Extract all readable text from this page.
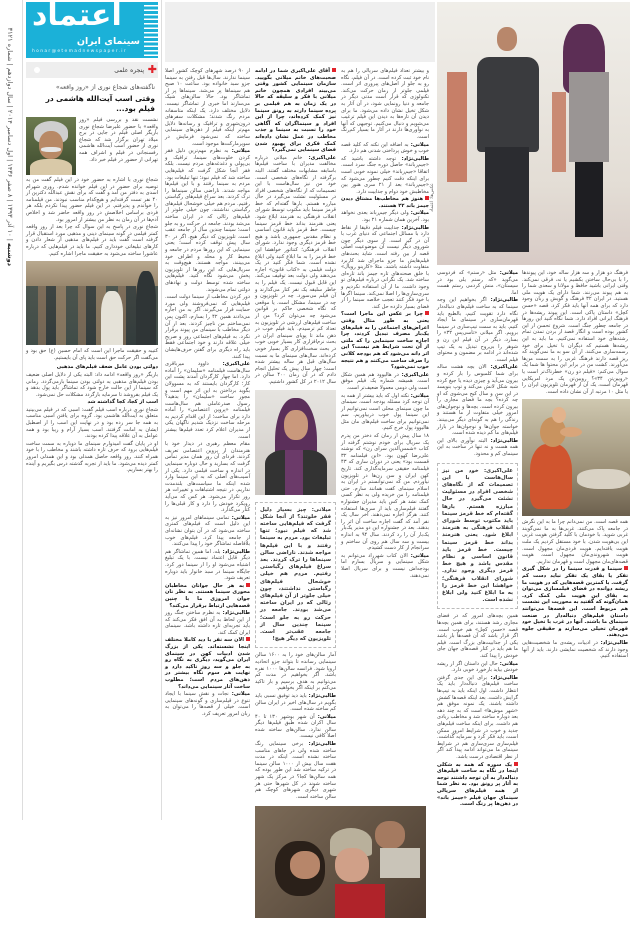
دوشنبه | ۱۰ آذر ۱۳۹۳ | ۸ صفر ۱۴۳۶ | اول دسامبر ۲۰۱۴ | سال دوازدهم | شماره ۳۱۲۱
اعتماد
سینمای ایران
honar@etemadnewspaper.ir
✚
پنجره علمی
ناگفته‌های شجاع نوری از «روز واقعه»
وقتی اسب آیت‌الله هاشمی در فیلم بود...

نشست نقد و بررسی فیلم «روز واقعه» با حضور علیرضا شجاع نوری بازیگر اصلی فیلم در جایی در برج میلاد تهران برگزار شد که شجاع نوری از حضور اسب آیت‌الله هاشمی رفسنجانی در فیلم و اشراف همه تهرانی از حضور در فیلم خبر داد.

شجاع نوری با اشاره به حضور خود در این فیلم گفت من به توصیه برای حضور در این فیلم خوانده شدم. روزی شهرام اسدی به دفتر من آمد و گفت که برای نقش عبدالله دکترین از ۴۰ نفر تست گرفته‌ایم و هیچ‌کدام مناسب نبودند. من فیلمنامه را خواندم و پذیرفتم. در این فیلم حضور پیدا نکردم بلکه هر فردی براساس اخلاصش در روز واقعه حاضر شد و اخلاص آدم‌ها در آن زمان به نظر من بیشتر از امروز بود.

شجاع نوری در پاسخ به این سوال که چرا بعد از روز واقعه کمتر فیلمی در گونه سینمای دینی و مذهبی مورد استقبال قرار گرفته است گفت باید در فیلم‌های مذهبی از شعار دادن و کارهای تبلیغاتی خودداری کنیم. ما باید در فیلم‌هایی که درباره عاشورا ساخته می‌شود به حقیقت ماجرا اشاره کنیم.

کتیبه و حقیقت ماجرا این است که امام حسین (ع) حق بود و می‌گفت اگر حرکت حق است باید پای آن بایستیم.

دولتی بودن عامل ضعف فیلم‌های مذهبی

بازیگر «روز واقعه» ادامه داد: البته یکی از دلایل اصلی ضعیف بودن فیلم‌های مذهبی به دولتی بودن سینما بازمی‌گردد. زمانی که سینما از این حالت خارج شود که تماشاگر باید پول بدهد و یک فیلم بفروشد تا سرمایه بازگردد مشکلات حل نمی‌شود.

اسب از کجا، کجا گذاشته شد

شجاع نوری درباره اسب فیلم گفت: اسبی که در فیلم می‌بینید متعلق به آیت‌الله هاشمی بود. گروه برای یافتن اسبی مناسب به همه جا سر زده بود و در نهایت این اسب را از اصطبل ایشان به امانت گرفتند. اسب بسیار آرام و زیبا بود و همه عوامل به آن علاقه پیدا کرده بودند.

او در پایان گفت امیدوارم سینمای ما دوباره به سمت ساخت فیلم‌هایی برود که حرف تازه داشته باشند و مخاطب را با خود همراه کنند. روز واقعه حاصل همدلی بود و این همدلی امروز کمتر دیده می‌شود. ما باید از تجربه گذشته درس بگیریم و آینده را بهتر بسازیم.

عکس‌ها: اعتماد

از ۹۰ درصد شهرهای کوچک کشور اصلا سینما ندارند. سال‌ها قبل رفتن به سینما جزو سبد خانواده بود. ساعت ۱۰ صبح هم سینماها پر می‌شد. سینماها پر از تماشاگر بود. حالا سالن‌های شیک می‌سازند اما خبری از تماشاگر نیست. دلایل مختلف دارد. یک اینکه متاسفانه مردم رنگ شدند؛ مشکلات سفرهای درون‌شهری و ترافیک و رسانه‌ها دلایل مهم‌تر اینکه فیلم از ذهن‌های سینمایی ساخته که نمی‌شود فرمایش در سوپرمارکت‌ها موجود است.

میلانی: به نظرم مهم‌ترین دلیل فقر کردن خلوت‌های سینما، ترافیک و بی‌پولی و دغدغه‌های مردم نیست. بلکه فقر آنجا شکل گرفت که فیلم‌هایی ساخته شد که فیلم نبود؛ تنها تبلیغات بود. مردم به سینما رفتند و با این فیلم‌ها مواجه شدند. ناراضی سالن سینماها را ترک کردند. بعد سراغ فیلم‌های رگباستی رفتیم. مردم هم خیلی خوشحال فیلم‌های رگباستی نداشتند، چون خیلی جلوتر از فیلم‌های رئالی که در ایران ساخته می‌شد بودند. جامعه در حرکت رو به جلو است؛ سینما چندین سال از جامعه عقب است. تلویزیون که دیگر هیچ. اگر در ۳۰ سال پیش توقف کرده است؛ یعنی سینمایی که این روزها مردم در جامعه و محیط کار و محله و اطراف خود می‌بینند، مواجه هستند. هیچ‌وقت به سریال‌هایی که این روزها از تلویزیون پخش می‌شود نگاه کنید. فیلم‌هایی ساخته شده توسط دولت و نهادهای دولتی تمام می‌شوند.

دور کردن مخاطب از سینما دولت است. فیلم‌هایی که نمی‌فروشند ولی مورد حمایت قرار می‌گیرند. اگر به من اجازه می‌دادند همین ۴۲ را بسازم، اکنون پس نمی‌ساختم من ناچیز کردند. بعد از آن دیگر مخاطب با سینمای من پیوند برقرار نکرد. به فیلم‌های اجتماعی روز و صریح خیلی علاقه دارند و خود اجتماعی فقط باید راه دیگری برای گفتن حرف‌هایشان پیدا کنند.

علی‌اکبری: داوود میرباقری سال‌هاست فیلمنامه «سلیمان» را آماده دارد. اما چهار کارگردان آمدند پشت این کار؛ کارگردان بایستند که به مسوولان بگوید برداختن به این اثر مهم است و مجوز ساخت «سلیمان» را بدهید؟ رسول صدرعاملی هم سال‌هاست فیلمنامه «پروین اعتصامی» را آماده دارد برای ساخت؛ از این اقدام کردیم به مرحله ساخت نزدیک شدیم ناگهان یکی از مدیران اعلام کرد تعدد فیلم‌ها بیشتر است.

مقام معظم رهبری در دیدار خود با هنرمندان از پروین اعتصامی تعریف کردند. فردای آن روز همان مدیر تماس گرفت که بسازید و حال دوباره سینمایی در اندازه و ساخت فیلمی دارد. یکی از آسیب‌های اصلی که به این سینما وارد شده اینکه ما سیاست‌های بلندمدت نداریم. در نتیجه اشتباهات و تغییرات هر روز تکرار می‌شود. هر کس که می‌آید رویکرد خودش را دارد و کار قبلی‌ها را کنار می‌گذارد.

میلانی: تمامی سینماهای امروز نیز به این دلیل است که فیلم‌های کمتری ساخته می‌شود که در آن بتوان نشانه‌ای از جامعه پیدا کرد. فیلم‌های خوب بلافاصله تماشاگر خود را پیدا می‌کنند.

طالبی‌نژاد: بله، اما همین تماشاگر هم دیگر قابل اعتماد نیست. با یک تبلیغ اشتباه می‌شود او را از سینما دور کرد. جایگاه سینما در سبد خانوار باید دوباره تعریف شود.

به هر حال جوانان مخاطبان محوری سینما هستند. به نظر تان جوان امروزی ما با چنین قصه‌هایی ارتباط برقرار می‌کند؟

طالبی‌نژاد: به نظرم ساختن جنگ روز از این لحاظ به آن افق فکر می‌کند که باید تجربه‌ای تازه داشته باشد. سینمای ایران کمک کند.

الان سه نفر با دید کاملا مختلف اینجا نشسته‌اند. یکی از بزرگ شدن ادبیات کهن در سینمای ایران می‌گوید، دیگری به نگاه رو به جلو و سه روز تاکید دارد و نهایت هم سوم نگاه بیشتر در ذهن‌های مردم است؛ مطلوب ساخت آثار سینمایی می‌داند؟

میلانی: نجات و نقش سینما با ایجاد تنوع در قیلم‌سازی و گونه‌های سینمایی است. خیلی از قصه‌ها را می‌توان به زبان امروز تعریف کرد.

و بیشتر تعداد فیلم‌های سریالی را هم به نام خود ثبت کرده است. در آن فیلم، نگاه رو به جلو از اصل‌های پیروزی اثر است. فیلمی جلوتر از زمان حرکت می‌کند. تکنولوژی که قرار است مدتی دیگر در جامعه و دنیا رونمایی شود، در آن آثار به شکل تخیل نشان داده می‌شود. ما برای دیدن آن تازه‌ها به دیدن این فیلم ترغیب می‌شویم و دنبال می‌کنیم. توجیهی که آنها به نوآوری‌ها دارند در آثار ما بسیار کم‌رنگ است.

میلانی: به اضافه این نکته که کلید قصه خوب و خوش پرداختی شدنی هم دارد.

طالبی‌نژاد: توجه داشته باشید که «جیم‌زباند» حاصل دوره جنگ سرد است. اتفاقا «جیم‌زباند» خیلی نمونه خوبی است برای اینکه دقت کنیم چطور می‌شود که «جیم‌زباند» بعد از ۲۱ سری هنوز بین مخاطبش خود دوام و جذابیت دارد.

هنوز هم مخاطب‌ها مشتاق دیدن جیمز باند ۲۲ هستند.

میلانی: ولی دیگر جیم‌زباند بعدی نخواهد بود. آخرین همان شماره ۲۱ بود.

طالبی‌نژاد: جذابیت فیلم دقیقا از نقاط دارد با مسائل اجتماعی که دنیای غرب با آن در گیر است. از سوی دیگر چون شوروی دیگر نیست آن موضوعیت اصلی قصه از بین رفته است. شاید بحث‌های فیلم‌هایش ما جزو ماجرای شد کاربرد متفاوت داشته باشند. مثلا «کازینو رویال» با خلق صحنه‌های تازه جیمز باند تازه‌ای ساخته شد. یک نگرانی درباره فیلم‌های تو وجود داشت. ما از آن استفاده نکردیم و سری‌سازی‌ها را اصلا نمی‌کند. سینما اگرها با خود فکر کنند تعجب خلاصه سینما را از فضای بسیار دلزده حل کند.

چرا بر عکس این ماجرا است؟ یعنی به طور مثال وقتی اعراض‌های اجتماعی را به فیلم‌های یک‌بار مصرف تبدیل کردند، چرا اجازه ساخت سینمایی را که ملتی از آن تحت شرایط هم نیست؟ این اثر دانه می‌شود که هم بودجه کلانی را صرف ساخت می‌کنند و هم نتیجه خوب نمی‌شود؟

علی‌اکبری: در هالیوود هم همین شکل است. همیشه شماره یک فیلم موفق است ولی دومی معمولا ضعیف‌تر است.

میلانی: نکته اول که باید بیشتر از همه به آن توجه کرد مسئله بودجه است. سینمای ما چون سینمای محلی است نمی‌توانیم از این سینما پول خوب دربیاوریم. سم نمی‌توانیم برای ساخت فیلم‌های مان مثل هالیوود پول خرج کنیم.

۱۸ سال پیش از زمان که دختر من پدرم یک سریال برای خودم نوشتم گرفته از کتاب «شمس‌الدین سرای زن» که نوشته علی‌رضا کهون بود. «ابن فیلمنامه ۳۲ قسمت بود» یعنی در دوران سازی که ۴۳ فیلمنامه حقیقی سرمایه‌گذاری کند. تاریخ کهن ایران و سن زن‌ها در تلویزیون نیاوردم. من که نمی‌توانستم در ایران به اسلام سینمای کفت همانند سازم. حتی فیلمنامه را من خریده ولی به نظر کسی کمک نشد هر کس باید مدیران جشنواره گفتند فیلم‌سازی باید از سری‌ها استفاده کنند. هرگز اجازه نمی‌دهند. آخر سال یک نفر آمد که گفت اجازه ساخت آن اثر را بدهند. بعد در جشنواره این دو مدیر یک‌بار یک‌بار آن را رد کردند. سال ۹۴ به اندازه بیست و سه سال هم روی آن ساختم و سرانجام از کار دست کشیدم.

میلانی: الان کتاب شهرزاد می‌توانم به شکل سینمایی و سریال بسازم اما بودجه‌اش نیست و برای سریال اصلا نمی‌دهند.

آقای علی‌اکبری شما در ادامه صحبت‌های خانم میلانی بگویید. سازمان سینمایی کشور وقتی می‌بیند افرادی همچون خانم میلانی با فکر و سلیقه که حالا در یک زمان به هم فیلمی بر پرده سینما دارند به رونق سینما نیز کمک کرده‌اند، چرا از این افراد و سینماگران که آگاهی خود را نسبت به سینما و جذب مخاطب در عمل نشان داده‌اند کمک فکری برای بهبود شدن فضای سینمایی نمی‌گیرد؟

علی‌اکبری: خانم میلانی درباره مخالفت مدیران با ساخت فیلم‌ها باسابقه مشابهات مختلف گفتند. البته برگرفته از نگاه‌های شخصی است. خود من نیز سال‌هاست با این تصمیمات که از نگاه‌های شخصی افراد در مسئولیت نشئت می‌گیرد در حال مبارزه هستم. بارها گفته‌ام که خط قرمز سینما باید مکتوب توسط شورای انقلاب فرهنگی به هنرمند ابلاغ شود. یعنی هنرمند بداند خط قرمز سینما چیست. خط قرمز باید قانون اساسی و نظام مقدس جمهوری باشد و هیچ خط قرمز دیگری وجود ندارد. شورای انقلاب فرهنگی؛ کنتاتور خواهشا این خط قرمز را به ما ابلاغ کنید ولی ابلاغ نشده است. شما فکر کنید در یک دولت فیلمی به «کتاب قانون» اجازه می‌دهند ولی دولت بعد توقیف می‌کند. این قابل قبول نیست. یک فیلم را به خاطر سلیقه یک نفر کنار می‌گذارند و آن فیلم می‌سوزد. چه در تلویزیون و چه در سینما، مشکل است. یا موقعی که نگاه شخصی حاکم بر قوانین می‌شود چه می‌توان کرد؟ من از ساخت فیلم‌های ارزشی در تلویزیون به تعداد کم ترسیدم. باید فیلم خوب در ذهن ماند تا پویای سینمای ایران در بحث نرم‌افزاری کار بسیار خوبی خوب در بحث سخت‌افزاری کار بسیار خوبی کرده‌اند. سال‌های سینمای ما به نسبت سال‌های قبل هر ساله بیشتر شده است؛ چهار سال پیش یک تحلیل انجام دادم که در آن زمان ۴۰۰ سالن در سال ۲۰۱۲ در کل کشور داشتیم.

میلانی: چیز بسیار دلیل فقر خلوتند؟ از آنجا شکل گرفت که فیلم‌هایی ساخته شد که فیلم نبود؛ تنها تبلیغات بود. مردم به سینما رفتند و با این فیلم‌ها مواجه شدند. ناراضی سالن سینماها را ترک کردند. بعد سراغ فیلم‌های رگباستی رفتیم. مردم هم خیلی خوشحال فیلم‌های رگباستی نداشتند، چون خیلی جلوتر از آن فیلم‌های رئالی که در ایران ساخته می‌شد بودند. جامعه در حرکت رو به جلو است؛ سینما چندین سال از جامعه عقب‌تر است. تلویزیون که دیگر هیچ!

آمار سالن‌های خود را به ۱۶۰۰ سالن سینمایی رسانده تا بتواند جزو اتحادیه اروپا شود. فرانسه سالن‌ها ۱۰۰۰ نفره باشد. اگر بخواهیم در مدت کم می‌توانیم به هدف برسیم و باز تاکید می‌کنم بر اینکه اگر بخواهیم.

طالبی‌نژاد: باید دید توفیق نسبی باید بگویم در سال‌های اخیر در ایران سالن کم ساخته شده است.

میلانی: آن شهر بوشهر ۱۳۰ تا ۴۰ سال اکران شده طبق فیلم‌ها دیگر سالن ندارد. سالن‌های ساخته شده اصلا کافی نیست.

طالبی‌نژاد: برخی سینمایی رنگ ساخته شده ولی در جاهای مناسب ساخته نشده است. اینکه در مدت هفت سال بیش از ۱۰۰۰ سالن سینما در ترکیه ساخته شد این طور بوده که همه سالن‌ها کجا؟ در مرکز یک شهر ساخته شوند در کل شهرها حتی هر شهری دیگری شهرهای کوچک هم سالن ساخته است.

میلانی: مثل «رستم» که فردوسی می‌گوید «که رستم یلی بود در سیستان»، منش کردمی رستم هست اما.

طالبی‌نژاد: اگر بخواهیم این وجه سینما که به ساخت فیلم‌های دنباله‌دار نگاه دارد تقویت کنیم، بالطبع باید قهرمان‌سازی در سینمای ما ایجاد کنیم. باید به سمت تیپ‌سازی در سینما برویم. اگر میلانی «تاسی‌پس ۳۲» را بسازد، دیگر در آن فیلم این زن و شوهر را بی‌روح تبدیل به یک تیپ شده‌اند در ادامه بر مضمون و محتوای فیلم است.

علی‌اکبری: الان بچه هشت ساله برای شما کلمبوس را باز کرده و بیرون می‌آید و چیزی دیده یا جیغ کرده شبه شکل لانش می‌کند و توپ بنویسد در این سن و سال کیج می‌شوی که او چه کرده؟ بچه ما فضای مجازی را بیرون کرده است. بچه‌ها و نوجوان‌های امروز خیلی متفاوت از ما هستند و زندگی را هم به گونه‌ای دیگر می‌بینند. خواسته جوان‌ها و نوجوان‌ها در بازار فیلم‌های ما کم دیده شده است.

طالبی‌نژاد: البته نوآوری بالای این همه هست و نه تنها در ساخت به این سینمای کم و محدود.

علی‌اکبری: خود من نیز سال‌هاست با این تصمیمات که از نگاه‌های شخصی افراد در مسئولیت نشئت می‌گیرد در حال مبارزه هستم. بارها گفته‌ام که خط قرمز سینما باید مکتوب توسط شورای انقلاب فرهنگی به هنرمند ابلاغ شود. یعنی هنرمند بداند خط قرمز سینما چیست. خط قرمز باید قانون اساسی و نظام مقدس باشد و هیچ خط قرمز دیگری وجود ندارد. شورای انقلاب فرهنگی؛ خواهشا این خط قرمز را به ما ابلاغ کنید ولی ابلاغ نشده است.

همین بچه‌های امروز که در فضای مجازی رشد هستند، برای همین بچه‌ها قصه «حسن کچل» هم خوب است. اگر قرار باشد که آن قصه‌ها باز باشد یکی از جذابیت‌های بزرگ است. فیلم ما هم باید در کنار قصه‌های جهان جای خودش را پیدا کند.

میلانی: حال این داستان اگر از ریشه خودش بیاید بازخورد خوبی دارد.

طالبی‌نژاد: برای این جدی گرفتن ساخت فیلم‌های دنباله‌دار باید یک انتظار داشت. اول اینکه باید به تیپ‌ها گرایش داشت. بعد اینکه قصه‌ها کشش داشته باشند. یک نمونه موفق هم «شهر موش‌ها» است که به چند دهه بعد دوباره ساخته شد و مخاطب زیادی هم داشت. برای اینکه ساخت فیلم‌های جدید و خوب در شرایط امروز ممکن است، باید فکر کرد و سرمایه گذاشت. فیلم‌سازی سری‌سازی هم در شرایط سینمای ما می‌تواند ادامه پیدا کند اگر از نظر اقتصادی درست باشد.

یک سوره که همه به شکلی اینجا در نگاه به ساخت فیلم‌های دنباله‌دار به آن توجه داشتند توجه به آثار پر رونق بود. به نظر شما از همه فیلم‌های سریالی سینمای جهان فیلم «جیمز باند» در ذهن‌ها پر رنگ است.

فرهنگ دو هزار و سه هزار ساله خود، این پیوندها را با بی‌حال ساختن بکشیم یا نه، فرقی نمی‌کند. وقتی ایرانی باشید حافظ و مولانا و سعدی شما را به هم پیوند می‌زنند. شما دارای یک هویت ملی هستید. در ایران ۳۲ فرهنگ و گویش و زبان وجود دارد که برای همه آنها باید فکر کرد. قصه «حسن کچل» داستان پاکی است. این پیوند ریشه‌ها در فرهنگ ایرانی افراد دارد. شما نگاه کنید این روزها در جامعه چطور جنگ است. شروع تحسن از این کشور بوده است و انگار قصد از بردن تمدن تمام رشته‌های خود استفاده نمی‌کنیم. ما باید به این ریشه‌ها هستیم که دیگران با تخیل برای خود رسمه‌سازی می‌کنند. از آن سو به ما نمی‌گویند که ریز قصه دارند فرهنگ غربی را به سمت من‌ها می‌آورند. کشت من در برابر این محتوا ها شما یک سوال می‌کنم: «فیلم دو زن» خطرناک‌تر است یا «رویین‌تن ۳۴»؟ رویین‌تن یک مرد امریکایی قهرمان است، یک آن از قهرمان تلویزیون ایران را یا مثل ۱۰ مرتبه از آن نشان داده است.

همه قصه است. من نمی‌دانم چرا ما به این نگرش در جامعه پاک می‌کنند. غربی‌ها به ما نمی‌گویند غربی شوید. با خودمان با کلید گرفتن هویت غربی این بی‌هویت شدن. با خود مستقل کردیم یک ملت هویت یافته‌ایم. هویت فردی‌مان مجهول است. هویت شهروندی‌مان مجهول است. هویت قصه‌های‌مان مجهول است و قهرمان نداریم.

سینما و قدرت سینما را در شکل گیری تفکر یا بقای یک تفکر نباید دست کم گرفت. با کمترین قصه‌هایی که در هویت ما ریشه دوانده در فضای فیلمسازی می‌توان به بقای این هویت ملی کمک کرد. همان‌گونه که گفتید به محوریت این نشست هم مربوط است. این قصه‌ها می‌توانند داستان فیلم‌های دنباله‌دار در صنعت سینمای ما باشند. آنها در غرب با تخیل خود قهرمان تخیلی می‌سازند و حقیقی جلوه می‌دهند.

طالبی‌نژاد: در ادبیات ریشه‌ی ما شخصیت‌هایی وجود دارند که شخصیت نمایشی دارند. باید از آنها استفاده کنیم.
